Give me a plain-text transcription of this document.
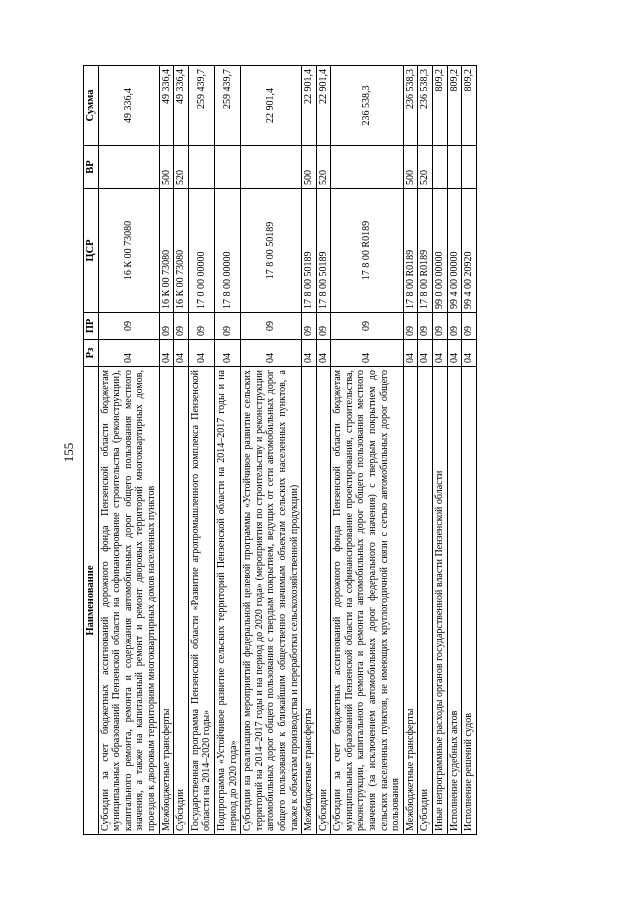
155
Наименование	Рз	ПР	ЦСР	ВР	Сумма
Субсидии за счет бюджетных ассигнований дорожного фонда Пензенской области бюджетам муниципальных образований Пензенской области на софинансирование строительства (реконструкции), капитального ремонта, ремонта и содержания автомобильных дорог общего пользования местного значения, а также на капитальный ремонт и ремонт дворовых территорий многоквартирных домов, проездов к дворовым территориям многоквартирных домов населенных пунктов	04	09	16 К 00 73080		49 336,4
Межбюджетные трансферты	04	09	16 К 00 73080	500	49 336,4
Субсидии	04	09	16 К 00 73080	520	49 336,4
Государственная программа Пензенской области «Развитие агропромышленного комплекса Пензенской области на 2014–2020 годы»	04	09	17 0 00 00000		259 439,7
Подпрограмма «Устойчивое развитие сельских территорий Пензенской области на 2014–2017 годы и на период до 2020 года»	04	09	17 8 00 00000		259 439,7
Субсидии на реализацию мероприятий федеральной целевой программы «Устойчивое развитие сельских территорий на 2014–2017 годы и на период до 2020 года» (мероприятия по строительству и реконструкции автомобильных дорог общего пользования с твердым покрытием, ведущих от сети автомобильных дорог общего пользования к ближайшим общественно значимым объектам сельских населенных пунктов, а также к объектам производства и переработки сельскохозяйственной продукции)	04	09	17 8 00 50189		22 901,4
Межбюджетные трансферты	04	09	17 8 00 50189	500	22 901,4
Субсидии	04	09	17 8 00 50189	520	22 901,4
Субсидии за счет бюджетных ассигнований дорожного фонда Пензенской области бюджетам муниципальных образований Пензенской области на софинансирование проектирования, строительства, реконструкции, капитального ремонта и ремонта автомобильных дорог общего пользования местного значения (за исключением автомобильных дорог федерального значения) с твердым покрытием до сельских населенных пунктов, не имеющих круглогодичной связи с сетью автомобильных дорог общего пользования	04	09	17 8 00 R0189		236 538,3
Межбюджетные трансферты	04	09	17 8 00 R0189	500	236 538,3
Субсидии	04	09	17 8 00 R0189	520	236 538,3
Иные непрограммные расходы органов государственной власти Пензенской области	04	09	99 0 00 00000		809,2
Исполнение судебных актов	04	09	99 4 00 00000		809,2
Исполнение решений судов	04	09	99 4 00 20920		809,2
